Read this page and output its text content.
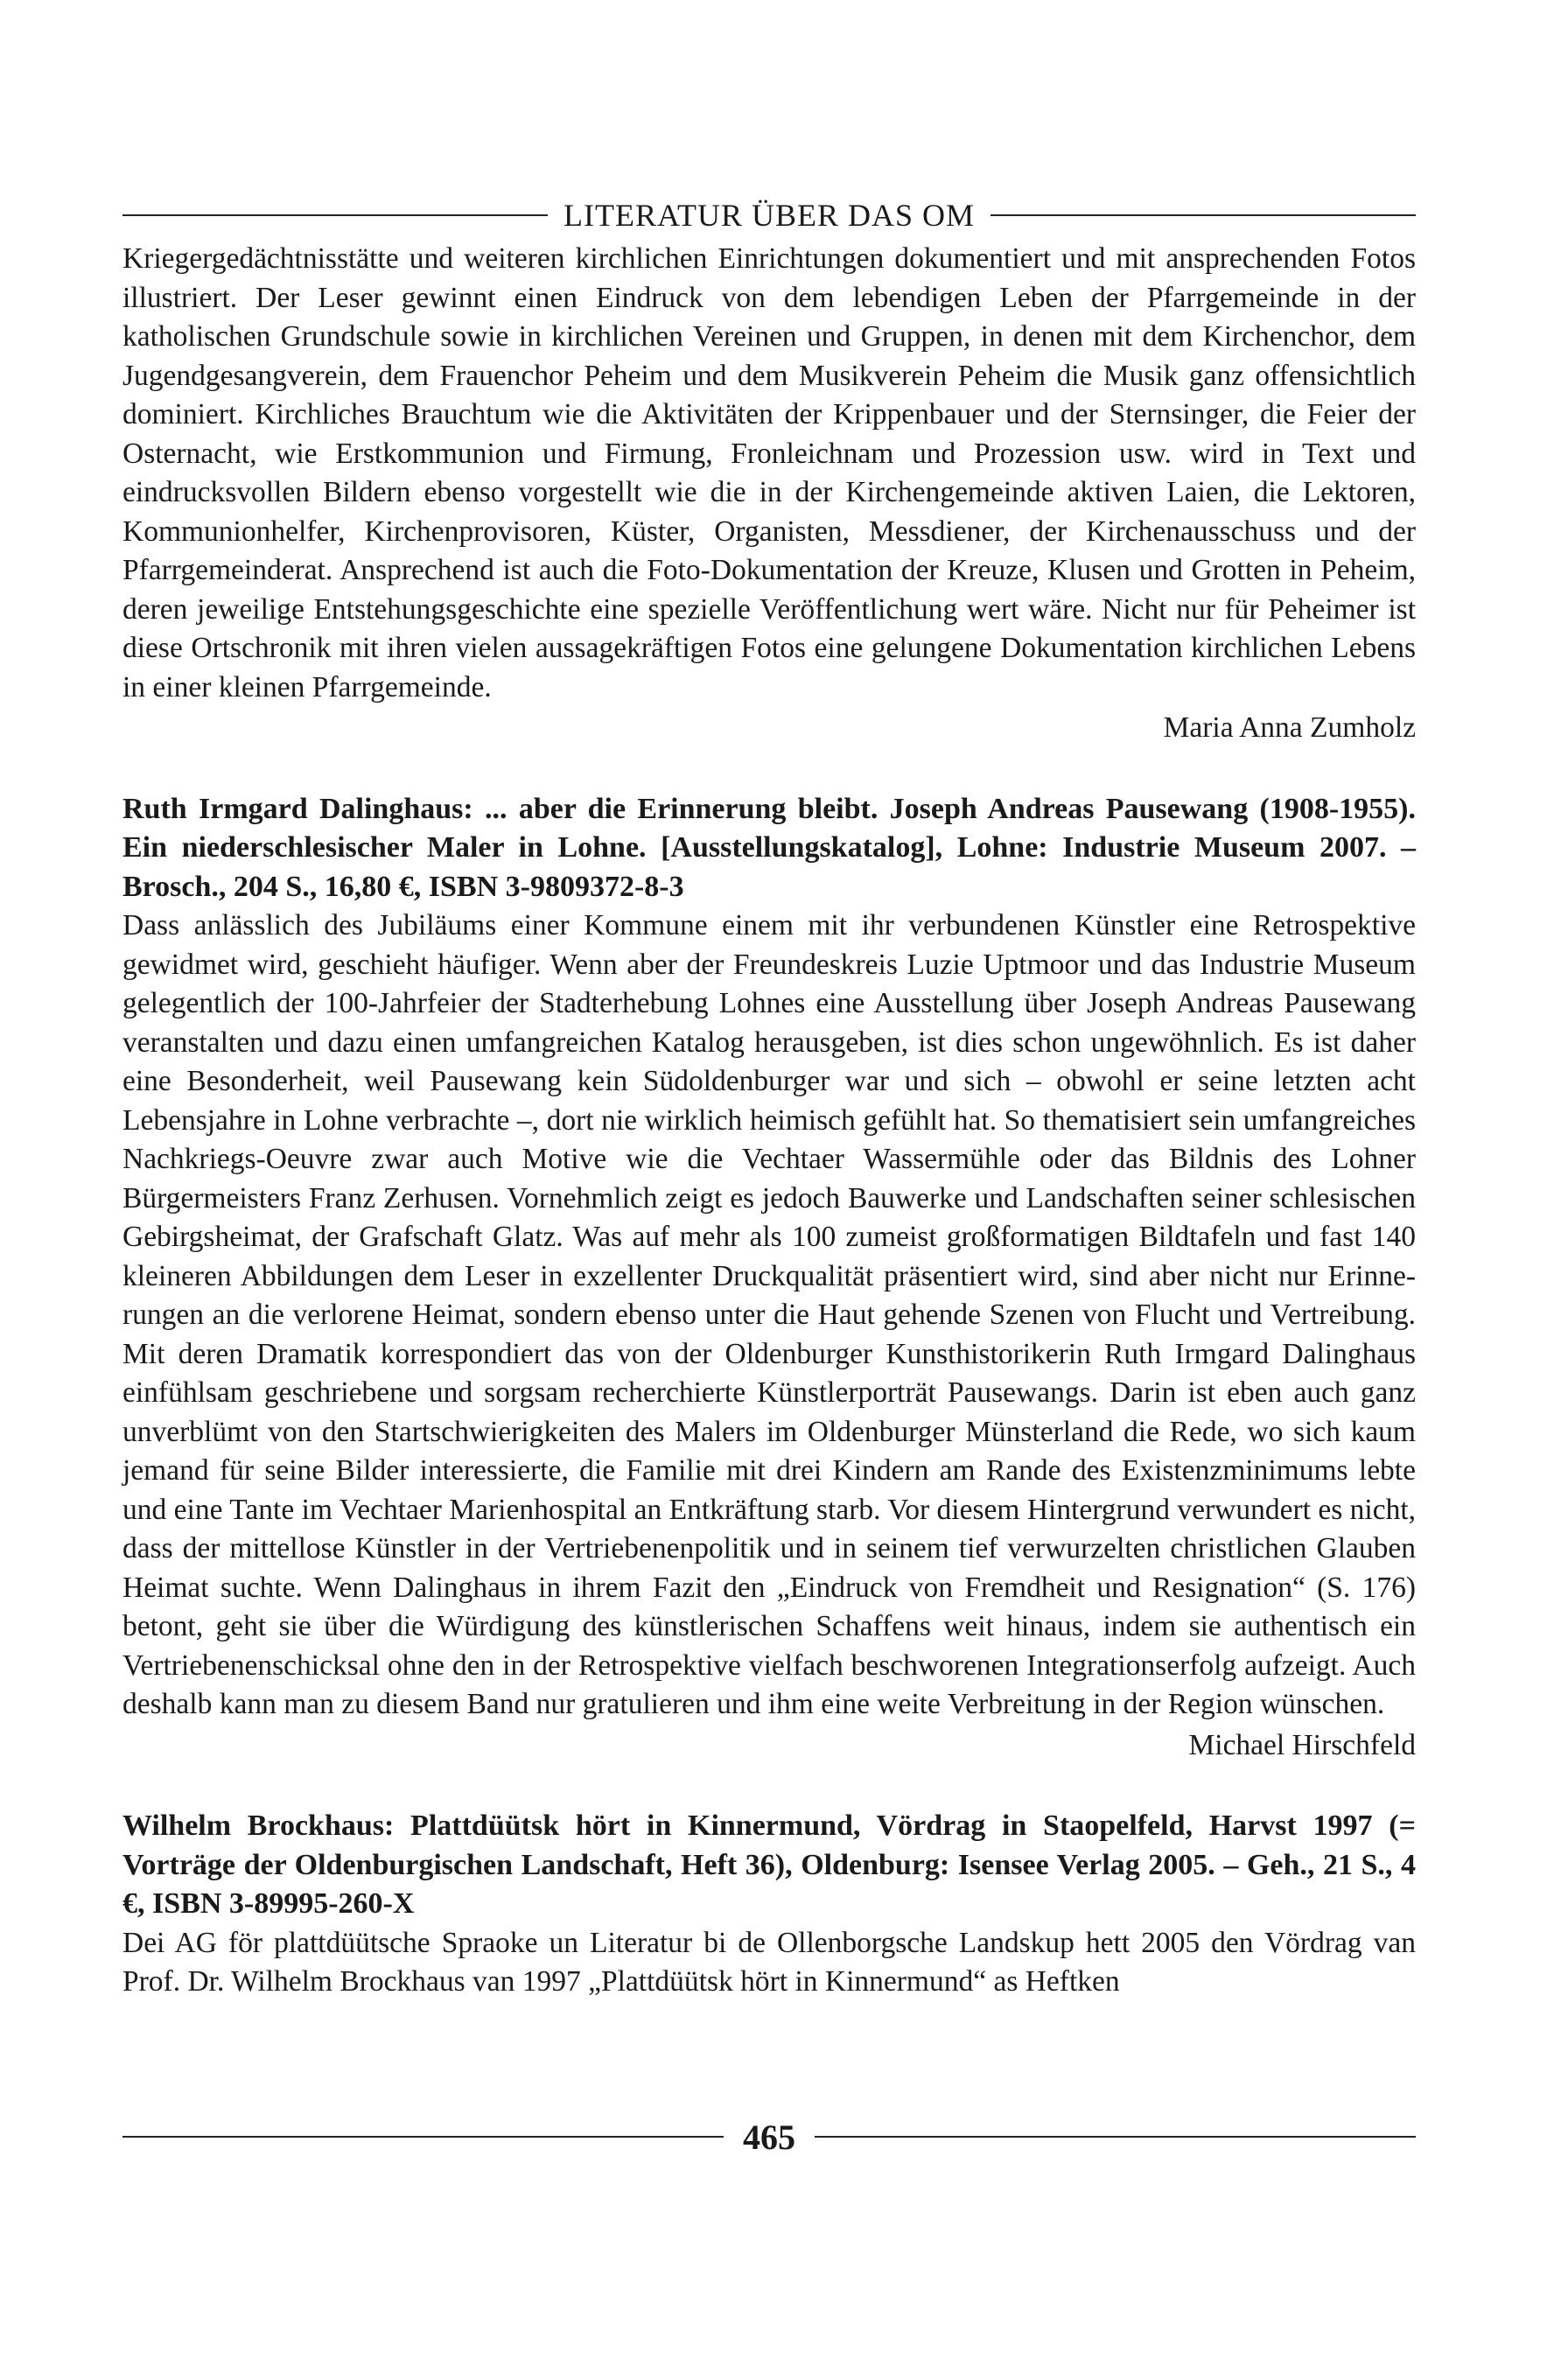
LITERATUR ÜBER DAS OM

Kriegergedächtnisstätte und weiteren kirchlichen Einrichtungen dokumentiert und mit ansprechenden Fotos illustriert. Der Leser gewinnt einen Eindruck von dem lebendigen Leben der Pfarrgemeinde in der katholischen Grundschule sowie in kirchlichen Vereinen und Gruppen, in denen mit dem Kirchenchor, dem Jugendgesangverein, dem Frauenchor Peheim und dem Musikverein Peheim die Musik ganz offensichtlich dominiert. Kirchliches Brauchtum wie die Aktivitäten der Krippenbauer und der Sternsinger, die Feier der Osternacht, wie Erstkommunion und Firmung, Fronleichnam und Prozession usw. wird in Text und eindrucksvollen Bildern ebenso vorgestellt wie die in der Kirchengemeinde aktiven Laien, die Lektoren, Kommunionhelfer, Kirchenprovisoren, Küster, Organisten, Messdiener, der Kirchenausschuss und der Pfarrgemeinderat. Ansprechend ist auch die Foto-Dokumentation der Kreuze, Klusen und Grotten in Peheim, deren jeweilige Entstehungsgeschichte eine spezielle Veröffentlichung wert wäre. Nicht nur für Peheimer ist diese Ortschronik mit ihren vielen aussagekräftigen Fotos eine gelungene Dokumentation kirchlichen Lebens in einer kleinen Pfarrgemeinde.

Maria Anna Zumholz

Ruth Irmgard Dalinghaus: ... aber die Erinnerung bleibt. Joseph Andreas Pausewang (1908-1955). Ein niederschlesischer Maler in Lohne. [Ausstellungskatalog], Lohne: Industrie Museum 2007. – Brosch., 204 S., 16,80 €, ISBN 3-9809372-8-3

Dass anlässlich des Jubiläums einer Kommune einem mit ihr verbundenen Künstler eine Retrospektive gewidmet wird, geschieht häufiger. Wenn aber der Freundeskreis Luzie Uptmoor und das Industrie Museum gelegentlich der 100-Jahrfeier der Stadterhebung Lohnes eine Ausstellung über Joseph Andreas Pausewang veranstalten und dazu einen umfangreichen Katalog herausgeben, ist dies schon ungewöhnlich. Es ist daher eine Besonderheit, weil Pausewang kein Südoldenburger war und sich – obwohl er seine letzten acht Lebensjahre in Lohne verbrachte –, dort nie wirklich heimisch gefühlt hat. So thematisiert sein umfangreiches Nachkriegs-Oeuvre zwar auch Motive wie die Vechtaer Wassermühle oder das Bildnis des Lohner Bürgermeisters Franz Zerhusen. Vornehmlich zeigt es jedoch Bauwerke und Landschaften seiner schlesischen Gebirgsheimat, der Grafschaft Glatz. Was auf mehr als 100 zumeist großformatigen Bildtafeln und fast 140 kleineren Abbildungen dem Leser in exzellenter Druckqualität präsentiert wird, sind aber nicht nur Erinnerungen an die verlorene Heimat, sondern ebenso unter die Haut gehende Szenen von Flucht und Vertreibung. Mit deren Dramatik korrespondiert das von der Oldenburger Kunsthistorikerin Ruth Irmgard Dalinghaus einfühlsam geschriebene und sorgsam recherchierte Künstlerporträt Pausewangs. Darin ist eben auch ganz unverblümt von den Startschwierigkeiten des Malers im Oldenburger Münsterland die Rede, wo sich kaum jemand für seine Bilder interessierte, die Familie mit drei Kindern am Rande des Existenzminimums lebte und eine Tante im Vechtaer Marienhospital an Entkräftung starb. Vor diesem Hintergrund verwundert es nicht, dass der mittellose Künstler in der Vertriebenenpolitik und in seinem tief verwurzelten christlichen Glauben Heimat suchte. Wenn Dalinghaus in ihrem Fazit den „Eindruck von Fremdheit und Resignation“ (S. 176) betont, geht sie über die Würdigung des künstlerischen Schaffens weit hinaus, indem sie authentisch ein Vertriebenenschicksal ohne den in der Retrospektive vielfach beschworenen Integrationserfolg aufzeigt. Auch deshalb kann man zu diesem Band nur gratulieren und ihm eine weite Verbreitung in der Region wünschen.

Michael Hirschfeld

Wilhelm Brockhaus: Plattdüütsk hört in Kinnermund, Vördrag in Staopelfeld, Harvst 1997 (= Vorträge der Oldenburgischen Landschaft, Heft 36), Oldenburg: Isensee Verlag 2005. – Geh., 21 S., 4 €, ISBN 3-89995-260-X

Dei AG för plattdüütsche Spraoke un Literatur bi de Ollenborgsche Landskup hett 2005 den Vördrag van Prof. Dr. Wilhelm Brockhaus van 1997 „Plattdüütsk hört in Kinnermund“ as Heftken

465
